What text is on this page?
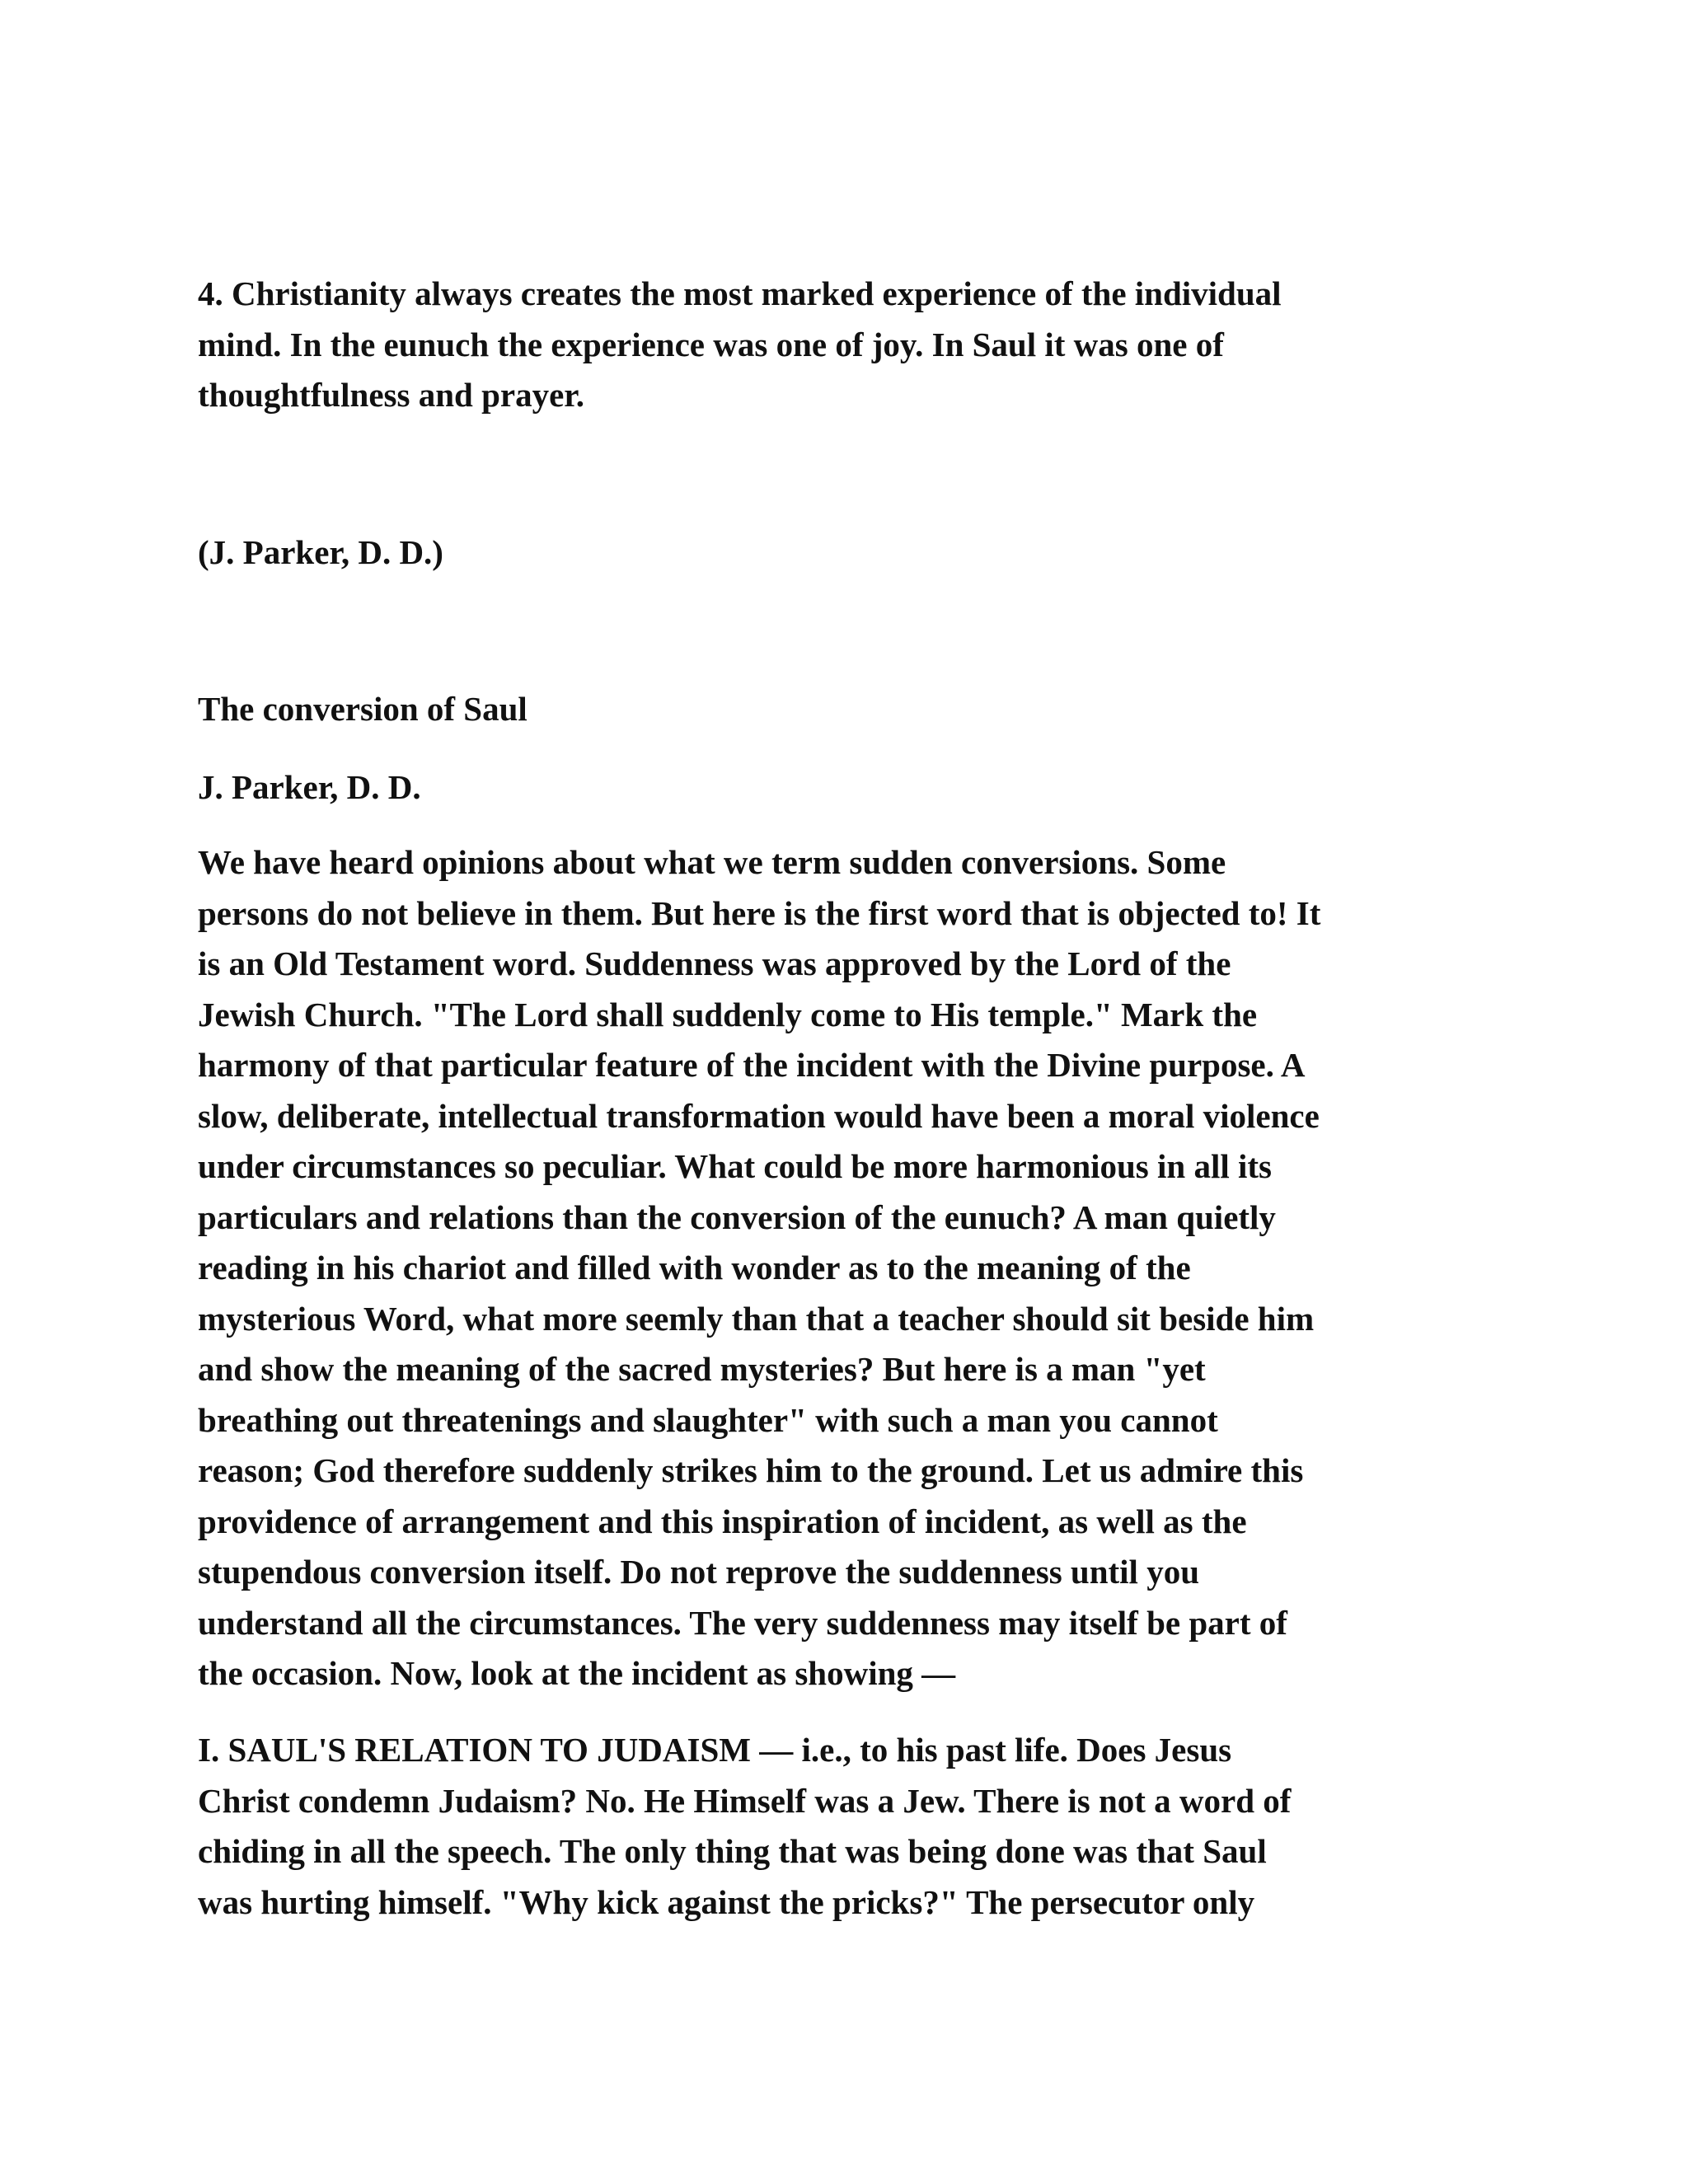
4. Christianity always creates the most marked experience of the individual
mind. In the eunuch the experience was one of joy. In Saul it was one of
thoughtfulness and prayer.

(J. Parker, D. D.)

The conversion of Saul

J. Parker, D. D.

We have heard opinions about what we term sudden conversions. Some
persons do not believe in them. But here is the first word that is objected to! It
is an Old Testament word. Suddenness was approved by the Lord of the
Jewish Church. "The Lord shall suddenly come to His temple." Mark the
harmony of that particular feature of the incident with the Divine purpose. A
slow, deliberate, intellectual transformation would have been a moral violence
under circumstances so peculiar. What could be more harmonious in all its
particulars and relations than the conversion of the eunuch? A man quietly
reading in his chariot and filled with wonder as to the meaning of the
mysterious Word, what more seemly than that a teacher should sit beside him
and show the meaning of the sacred mysteries? But here is a man "yet
breathing out threatenings and slaughter" with such a man you cannot
reason; God therefore suddenly strikes him to the ground. Let us admire this
providence of arrangement and this inspiration of incident, as well as the
stupendous conversion itself. Do not reprove the suddenness until you
understand all the circumstances. The very suddenness may itself be part of
the occasion. Now, look at the incident as showing —

I. SAUL'S RELATION TO JUDAISM — i.e., to his past life. Does Jesus
Christ condemn Judaism? No. He Himself was a Jew. There is not a word of
chiding in all the speech. The only thing that was being done was that Saul
was hurting himself. "Why kick against the pricks?" The persecutor only
